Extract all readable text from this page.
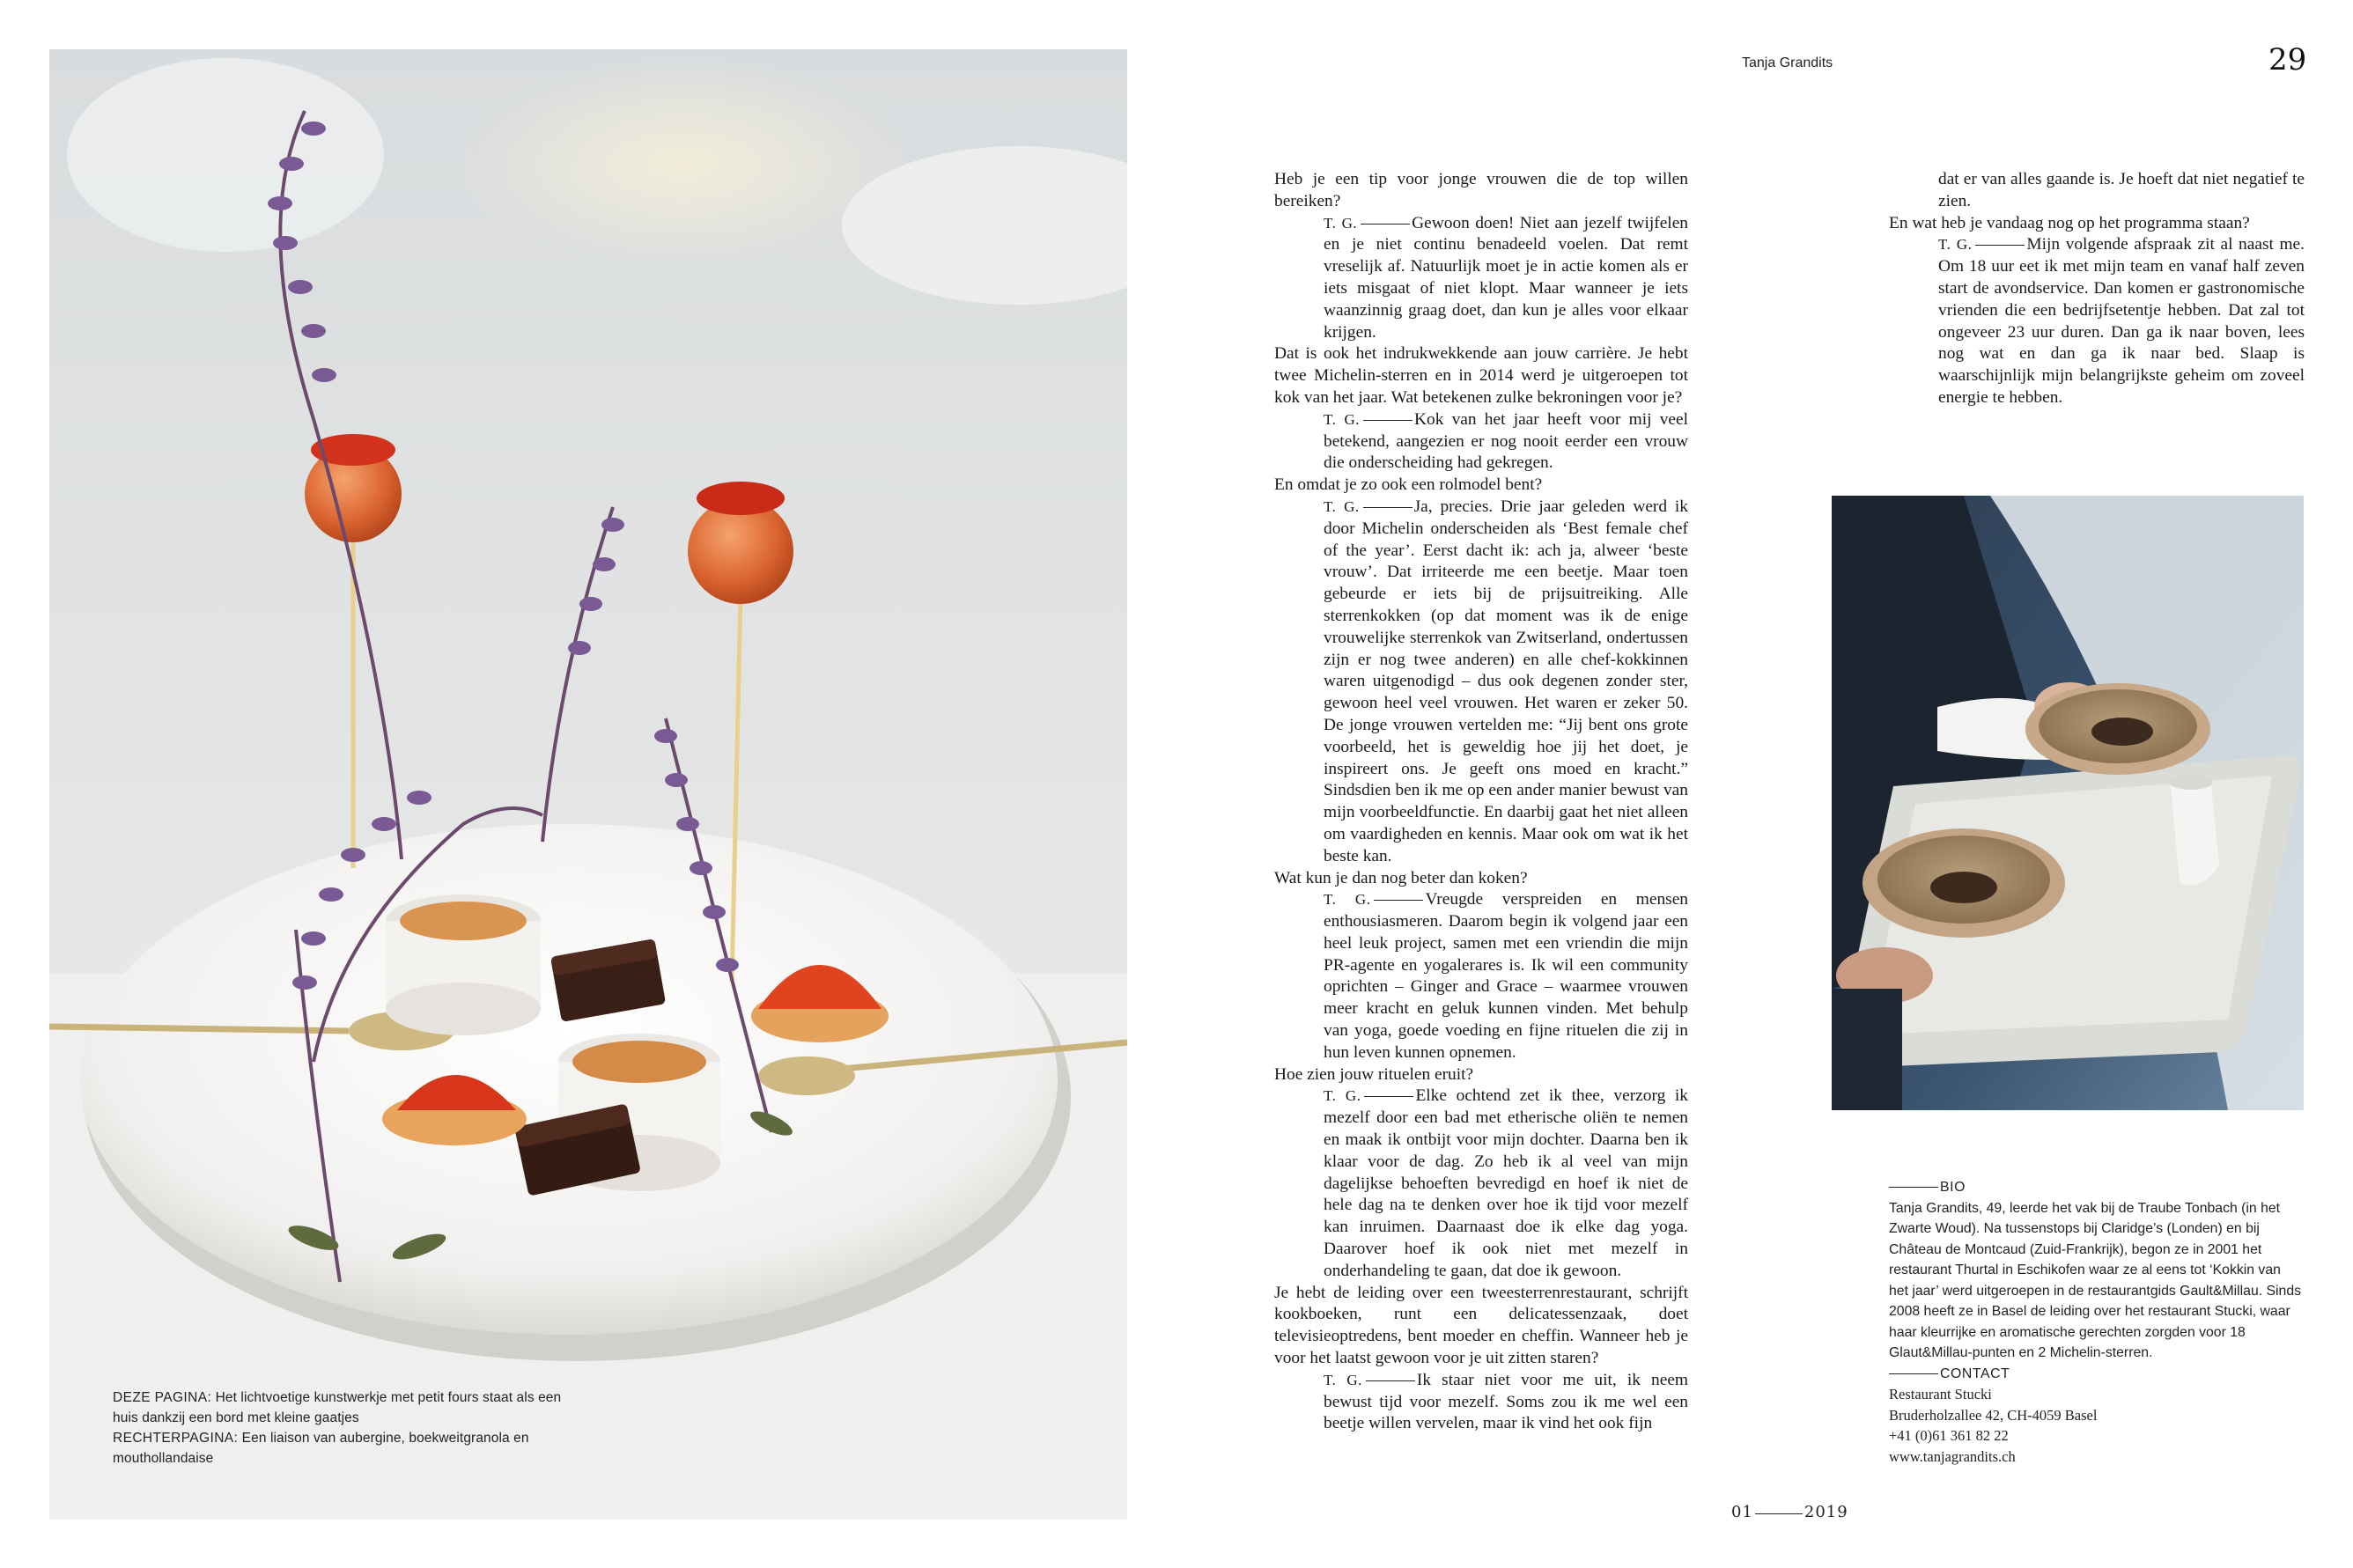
DEZE PAGINA: Het lichtvoetige kunstwerkje met petit fours staat als een huis dankzij een bord met kleine gaatjes
RECHTERPAGINA: Een liaison van aubergine, boekweitgranola en mouthollandaise
Tanja Grandits	29

Heb je een tip voor jonge vrouwen die de top willen bereiken?

T. G.	Gewoon doen! Niet aan jezelf twijfelen en je niet continu benadeeld voelen. Dat remt vreselijk af. Natuurlijk moet je in actie komen als er iets misgaat of niet klopt. Maar wanneer je iets waanzinnig graag doet, dan kun je alles voor elkaar krijgen.

Dat is ook het indrukwekkende aan jouw carrière. Je hebt twee Michelin-sterren en in 2014 werd je uitgeroepen tot kok van het jaar. Wat betekenen zulke bekroningen voor je?

T. G.	Kok van het jaar heeft voor mij veel betekend, aangezien er nog nooit eerder een vrouw die onderscheiding had gekregen.

En omdat je zo ook een rolmodel bent?

T. G.	Ja, precies. Drie jaar geleden werd ik door Michelin onderscheiden als ‘Best female chef of the year’. Eerst dacht ik: ach ja, alweer ‘beste vrouw’. Dat irriteerde me een beetje. Maar toen gebeurde er iets bij de prijsuitreiking. Alle sterrenkokken (op dat moment was ik de enige vrouwelijke sterrenkok van Zwitserland, ondertussen zijn er nog twee anderen) en alle chef-kokkinnen waren uitgenodigd – dus ook degenen zonder ster, gewoon heel veel vrouwen. Het waren er zeker 50. De jonge vrouwen vertelden me: “Jij bent ons grote voorbeeld, het is geweldig hoe jij het doet, je inspireert ons. Je geeft ons moed en kracht.” Sindsdien ben ik me op een ander manier bewust van mijn voorbeeldfunctie. En daarbij gaat het niet alleen om vaardigheden en kennis. Maar ook om wat ik het beste kan.

Wat kun je dan nog beter dan koken?

T. G.	Vreugde verspreiden en mensen enthousiasmeren. Daarom begin ik volgend jaar een heel leuk project, samen met een vriendin die mijn PR-agente en yogalerares is. Ik wil een community oprichten – Ginger and Grace – waarmee vrouwen meer kracht en geluk kunnen vinden. Met behulp van yoga, goede voeding en fijne rituelen die zij in hun leven kunnen opnemen.

Hoe zien jouw rituelen eruit?

T. G.	Elke ochtend zet ik thee, verzorg ik mezelf door een bad met etherische oliën te nemen en maak ik ontbijt voor mijn dochter. Daarna ben ik klaar voor de dag. Zo heb ik al veel van mijn dagelijkse behoeften bevredigd en hoef ik niet de hele dag na te denken over hoe ik tijd voor mezelf kan inruimen. Daarnaast doe ik elke dag yoga. Daarover hoef ik ook niet met mezelf in onderhandeling te gaan, dat doe ik gewoon.

Je hebt de leiding over een tweesterrenrestaurant, schrijft kookboeken, runt een delicatessenzaak, doet televisieoptredens, bent moeder en cheffin. Wanneer heb je voor het laatst gewoon voor je uit zitten staren?

T. G.	Ik staar niet voor me uit, ik neem bewust tijd voor mezelf. Soms zou ik me wel een beetje willen vervelen, maar ik vind het ook fijn

dat er van alles gaande is. Je hoeft dat niet negatief te zien.

En wat heb je vandaag nog op het programma staan?

T. G.	Mijn volgende afspraak zit al naast me. Om 18 uur eet ik met mijn team en vanaf half zeven start de avondservice. Dan komen er gastronomische vrienden die een bedrijfsetentje hebben. Dat zal tot ongeveer 23 uur duren. Dan ga ik naar boven, lees nog wat en dan ga ik naar bed. Slaap is waarschijnlijk mijn belangrijkste geheim om zoveel energie te hebben.

BIO
Tanja Grandits, 49, leerde het vak bij de Traube Tonbach (in het Zwarte Woud). Na tussenstops bij Claridge’s (Londen) en bij Château de Montcaud (Zuid-Frankrijk), begon ze in 2001 het restaurant Thurtal in Eschikofen waar ze al eens tot ‘Kokkin van het jaar’ werd uitgeroepen in de restaurantgids Gault&Millau. Sinds 2008 heeft ze in Basel de leiding over het restaurant Stucki, waar haar kleurrijke en aromatische gerechten zorgden voor 18 Glaut&Millau-punten en 2 Michelin-sterren.
CONTACT
Restaurant Stucki
Bruderholzallee 42, CH-4059 Basel
+41 (0)61 361 82 22
www.tanjagrandits.ch
01	2019
